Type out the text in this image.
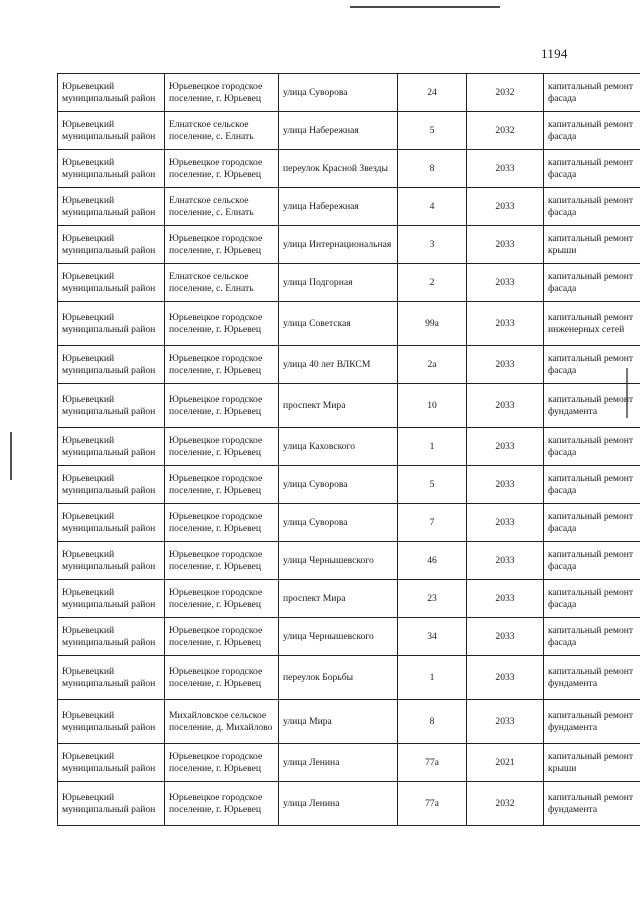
1194
Юрьевецкий муниципальный район	Юрьевецкое городское поселение, г. Юрьевец	улица Суворова	24	2032	капитальный ремонт фасада
Юрьевецкий муниципальный район	Елнатское сельское поселение, с. Елнать	улица Набережная	5	2032	капитальный ремонт фасада
Юрьевецкий муниципальный район	Юрьевецкое городское поселение, г. Юрьевец	переулок Красной Звезды	8	2033	капитальный ремонт фасада
Юрьевецкий муниципальный район	Елнатское сельское поселение, с. Елнать	улица Набережная	4	2033	капитальный ремонт фасада
Юрьевецкий муниципальный район	Юрьевецкое городское поселение, г. Юрьевец	улица Интернациональная	3	2033	капитальный ремонт крыши
Юрьевецкий муниципальный район	Елнатское сельское поселение, с. Елнать	улица Подгорная	2	2033	капитальный ремонт фасада
Юрьевецкий муниципальный район	Юрьевецкое городское поселение, г. Юрьевец	улица Советская	99а	2033	капитальный ремонт инженерных сетей
Юрьевецкий муниципальный район	Юрьевецкое городское поселение, г. Юрьевец	улица 40 лет ВЛКСМ	2а	2033	капитальный ремонт фасада
Юрьевецкий муниципальный район	Юрьевецкое городское поселение, г. Юрьевец	проспект Мира	10	2033	капитальный ремонт фундамента
Юрьевецкий муниципальный район	Юрьевецкое городское поселение, г. Юрьевец	улица Каховского	1	2033	капитальный ремонт фасада
Юрьевецкий муниципальный район	Юрьевецкое городское поселение, г. Юрьевец	улица Суворова	5	2033	капитальный ремонт фасада
Юрьевецкий муниципальный район	Юрьевецкое городское поселение, г. Юрьевец	улица Суворова	7	2033	капитальный ремонт фасада
Юрьевецкий муниципальный район	Юрьевецкое городское поселение, г. Юрьевец	улица Чернышевского	46	2033	капитальный ремонт фасада
Юрьевецкий муниципальный район	Юрьевецкое городское поселение, г. Юрьевец	проспект Мира	23	2033	капитальный ремонт фасада
Юрьевецкий муниципальный район	Юрьевецкое городское поселение, г. Юрьевец	улица Чернышевского	34	2033	капитальный ремонт фасада
Юрьевецкий муниципальный район	Юрьевецкое городское поселение, г. Юрьевец	переулок Борьбы	1	2033	капитальный ремонт фундамента
Юрьевецкий муниципальный район	Михайловское сельское поселение, д. Михайлово	улица Мира	8	2033	капитальный ремонт фундамента
Юрьевецкий муниципальный район	Юрьевецкое городское поселение, г. Юрьевец	улица Ленина	77а	2021	капитальный ремонт крыши
Юрьевецкий муниципальный район	Юрьевецкое городское поселение, г. Юрьевец	улица Ленина	77а	2032	капитальный ремонт фундамента
